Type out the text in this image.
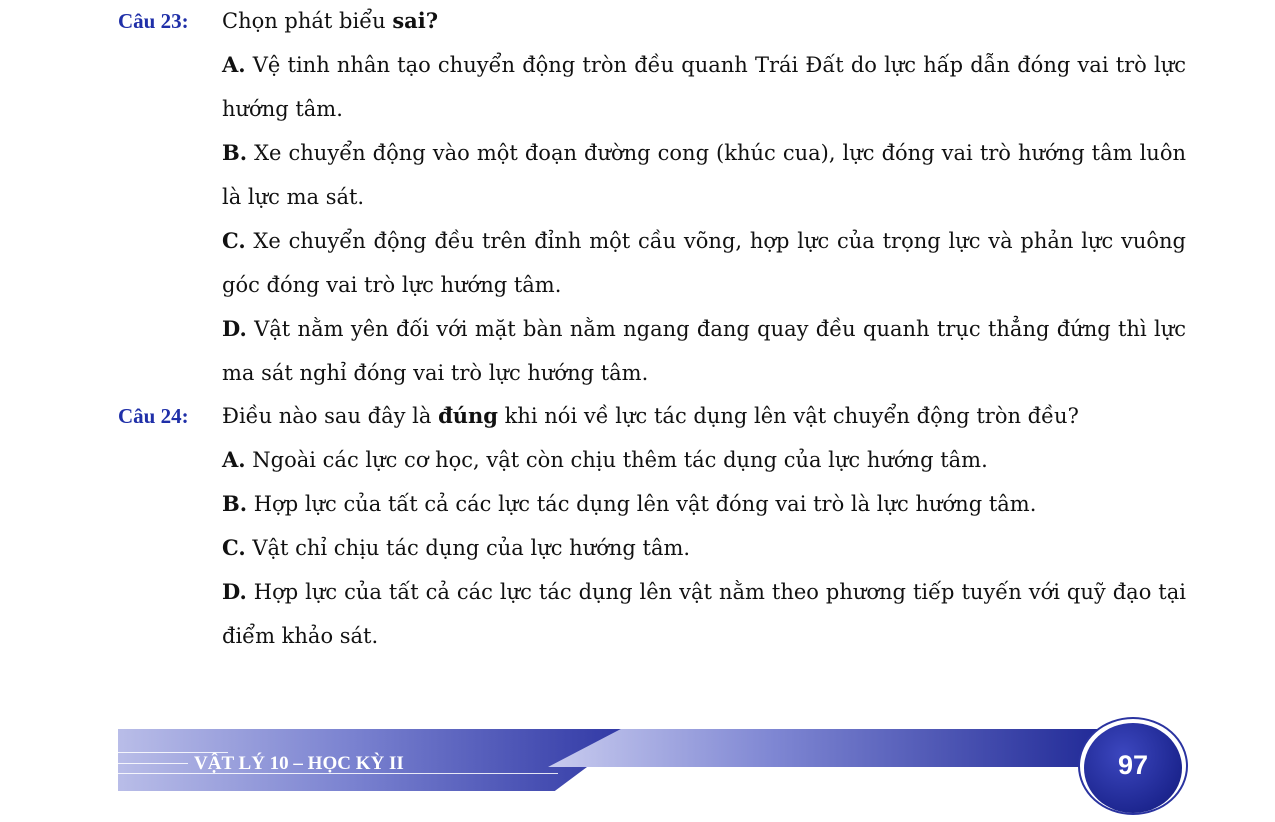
Câu 23: Chọn phát biểu sai?
A. Vệ tinh nhân tạo chuyển động tròn đều quanh Trái Đất do lực hấp dẫn đóng vai trò lực hướng tâm.
B. Xe chuyển động vào một đoạn đường cong (khúc cua), lực đóng vai trò hướng tâm luôn là lực ma sát.
C. Xe chuyển động đều trên đỉnh một cầu võng, hợp lực của trọng lực và phản lực vuông góc đóng vai trò lực hướng tâm.
D. Vật nằm yên đối với mặt bàn nằm ngang đang quay đều quanh trục thẳng đứng thì lực ma sát nghỉ đóng vai trò lực hướng tâm.
Câu 24: Điều nào sau đây là đúng khi nói về lực tác dụng lên vật chuyển động tròn đều?
A. Ngoài các lực cơ học, vật còn chịu thêm tác dụng của lực hướng tâm.
B. Hợp lực của tất cả các lực tác dụng lên vật đóng vai trò là lực hướng tâm.
C. Vật chỉ chịu tác dụng của lực hướng tâm.
D. Hợp lực của tất cả các lực tác dụng lên vật nằm theo phương tiếp tuyến với quỹ đạo tại điểm khảo sát.
VẬT LÝ 10 – HỌC KỲ II	97
